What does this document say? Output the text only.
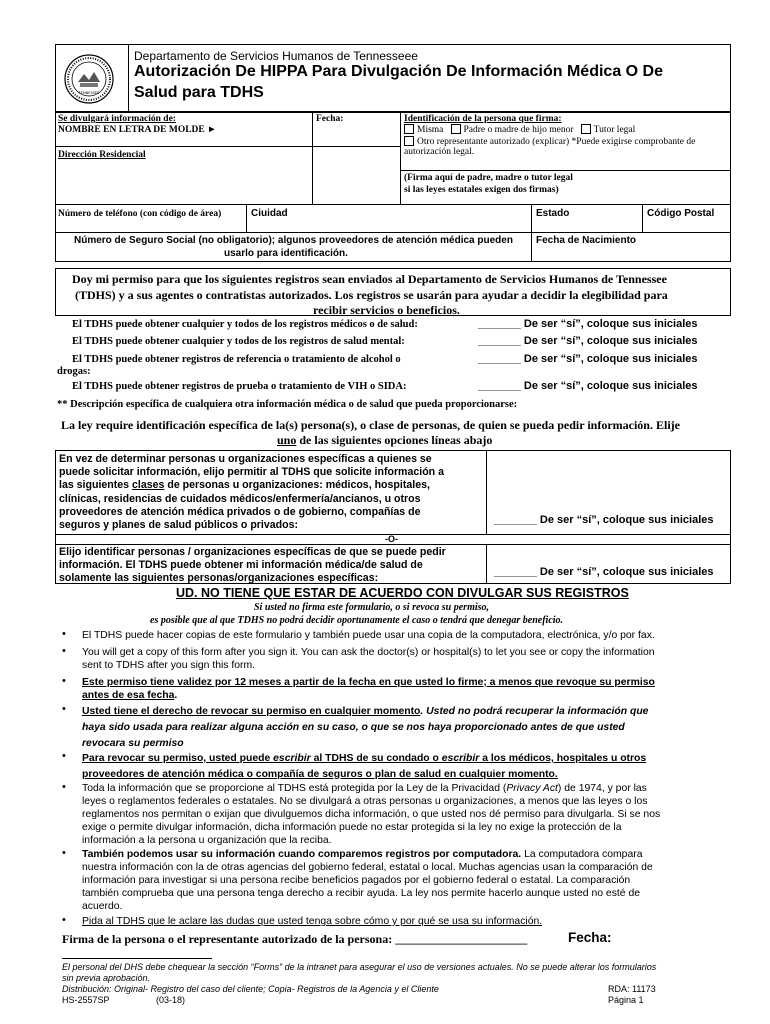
TENNESSEE
Departamento de Servicios Humanos de Tennesseee
Autorización De HIPPA Para Divulgación De Información Médica O De
Salud para TDHS
Se divulgará información de:
NOMBRE EN LETRA DE MOLDE ►
Fecha:	Identificación de la persona que firma:
Misma Padre o madre de hijo menor Tutor legal
Otro representante autorizado (explicar) *Puede exigirse comprobante de
autorización legal.
Dirección Residencial
(Firma aquí de padre, madre o tutor legal
si las leyes estatales exigen dos firmas)
Número de teléfono (con código de área)	Ciuidad	Estado	Código Postal
Número de Seguro Social (no obligatorio); algunos proveedores de atención médica pueden
usarlo para identificación.
Fecha de Nacimiento
Doy mi permiso para que los siguientes registros sean enviados al Departamento de Servicios Humanos de Tennessee
(TDHS) y a sus agentes o contratistas autorizados. Los registros se usarán para ayudar a decidir la elegibilidad para
recibir servicios o beneficios.
El TDHS puede obtener cualquier y todos de los registros médicos o de salud:	_______ De ser “sí”, coloque sus iniciales
El TDHS puede obtener cualquier y todos de los registros de salud mental:	_______ De ser “sí”, coloque sus iniciales
El TDHS puede obtener registros de referencia o tratamiento de alcohol o
drogas:
_______ De ser “sí”, coloque sus iniciales
El TDHS puede obtener registros de prueba o tratamiento de VIH o SIDA:	_______ De ser “sí”, coloque sus iniciales
** Descripción específica de cualquiera otra información médica o de salud que pueda proporcionarse:
La ley require identificación específica de la(s) persona(s), o clase de personas, de quien se pueda pedir información. Elije
uno de las siguientes opciones líneas abajo
En vez de determinar personas u organizaciones específicas a quienes se
puede solicitar información, elijo permitir al TDHS que solicite información a
las siguientes clases de personas u organizaciones: médicos, hospitales,
clínicas, residencias de cuidados médicos/enfermería/ancianos, u otros
proveedores de atención médica privados o de gobierno, compañías de
seguros y planes de salud públicos o privados:	_______ De ser “sí”, coloque sus iniciales
-O-
Elijo identificar personas / organizaciones específicas de que se puede pedir
información. El TDHS puede obtener mi información médica/de salud de
solamente las siguientes personas/organizaciones específicas:
_______ De ser “sí”, coloque sus iniciales
UD. NO TIENE QUE ESTAR DE ACUERDO CON DIVULGAR SUS REGISTROS
Si usted no firma este formulario, o si revoca su permiso,
es posible que al que TDHS no podrá decidir oportunamente el caso o tendrá que denegar beneficio.
• El TDHS puede hacer copias de este formulario y también puede usar una copia de la computadora, electrónica, y/o por fax.
• You will get a copy of this form after you sign it. You can ask the doctor(s) or hospital(s) to let you see or copy the information
sent to TDHS after you sign this form.
• Este permiso tiene validez por 12 meses a partir de la fecha en que usted lo firme; a menos que revoque su permiso
antes de esa fecha.
• Usted tiene el derecho de revocar su permiso en cualquier momento. Usted no podrá recuperar la información que
haya sido usada para realizar alguna acción en su caso, o que se nos haya proporcionado antes de que usted
revocara su permiso
• Para revocar su permiso, usted puede escribir al TDHS de su condado o escribir a los médicos, hospitales u otros
proveedores de atención médica o compañía de seguros o plan de salud en cualquier momento.
• Toda la información que se proporcione al TDHS está protegida por la Ley de la Privacidad (Privacy Act) de 1974, y por las
leyes o reglamentos federales o estatales. No se divulgará a otras personas u organizaciones, a menos que las leyes o los
reglamentos nos permitan o exijan que divulguemos dicha información, o que usted nos dé permiso para divulgarla. Si se nos
exige o permite divulgar información, dicha información puede no estar protegida si la ley no exige la protección de la
información a la persona u organización que la reciba.
• También podemos usar su información cuando comparemos registros por computadora. La computadora compara
nuestra información con la de otras agencias del gobierno federal, estatal o local. Muchas agencias usan la comparación de
información para investigar si una persona recibe beneficios pagados por el gobierno federal o estatal. La comparación
también comprueba que una persona tenga derecho a recibir ayuda. La ley nos permite hacerlo aunque usted no esté de
acuerdo.
• Pida al TDHS que le aclare las dudas que usted tenga sobre cómo y por qué se usa su información.
Firma de la persona o el representante autorizado de la persona: ______________________	Fecha:
El personal del DHS debe chequear la sección “Forms” de la intranet para asegurar el uso de versiones actuales. No se puede alterar los formularios
sin previa aprobación.
Distribución: Original- Registro del caso del cliente; Copia- Registros de la Agencia y el Cliente	RDA: 11173
HS-2557SP	(03-18)	Página 1
